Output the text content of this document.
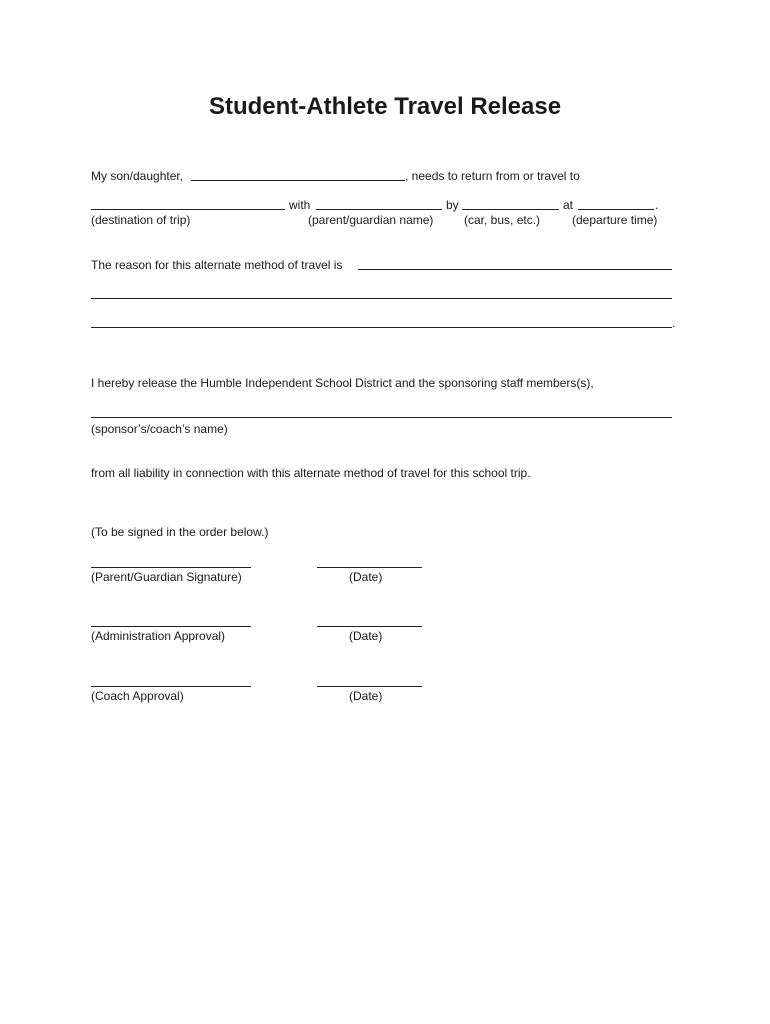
Student-Athlete Travel Release
My son/daughter,	, needs to return from or travel to
with	by	at	.
(destination of trip)	(parent/guardian name)	(car, bus, etc.)	(departure time)
The reason for this alternate method of travel is
.
I hereby release the Humble Independent School District and the sponsoring staff members(s),
(sponsor’s/coach’s name)
from all liability in connection with this alternate method of travel for this school trip.
(To be signed in the order below.)
(Parent/Guardian Signature)	(Date)
(Administration Approval)	(Date)
(Coach Approval)	(Date)
